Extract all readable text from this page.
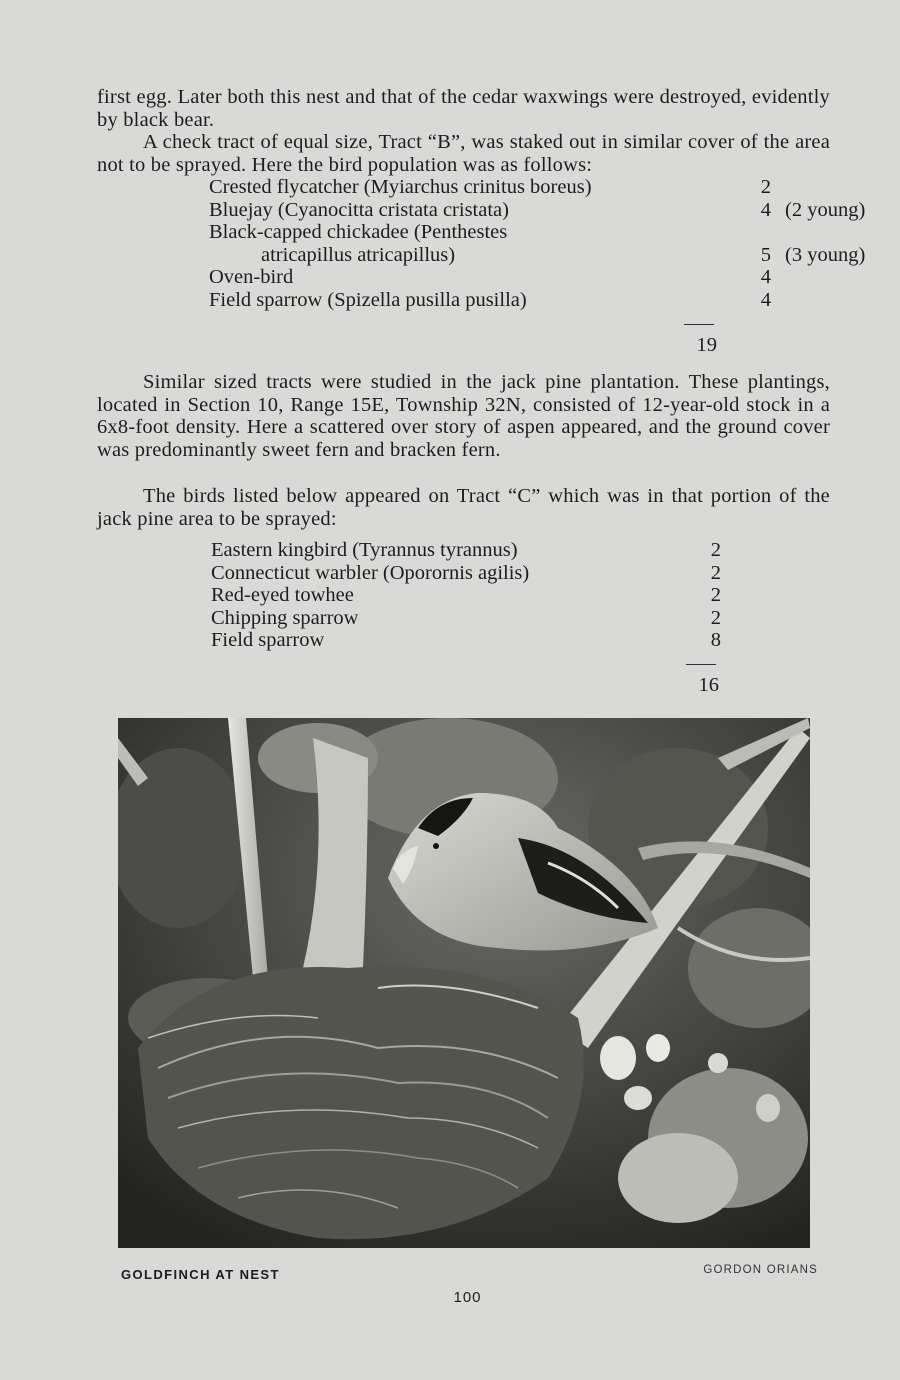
first egg. Later both this nest and that of the cedar waxwings were destroyed, evidently by black bear.

A check tract of equal size, Tract “B”, was staked out in similar cover of the area not to be sprayed. Here the bird population was as follows:

Crested flycatcher (Myiarchus crinitus boreus)	2	
Bluejay (Cyanocitta cristata cristata)	4	(2 young)
Black-capped chickadee (Penthestes		
atricapillus atricapillus)	5	(3 young)
Oven-bird	4	
Field sparrow (Spizella pusilla pusilla)	4	
19

Similar sized tracts were studied in the jack pine plantation. These plantings, located in Section 10, Range 15E, Township 32N, consisted of 12-year-old stock in a 6x8-foot density. Here a scattered over story of aspen appeared, and the ground cover was predominantly sweet fern and bracken fern.

The birds listed below appeared on Tract “C” which was in that portion of the jack pine area to be sprayed:

Eastern kingbird (Tyrannus tyrannus)	2
Connecticut warbler (Oporornis agilis)	2
Red-eyed towhee	2
Chipping sparrow	2
Field sparrow	8
16
GOLDFINCH AT NEST	GORDON ORIANS
100
